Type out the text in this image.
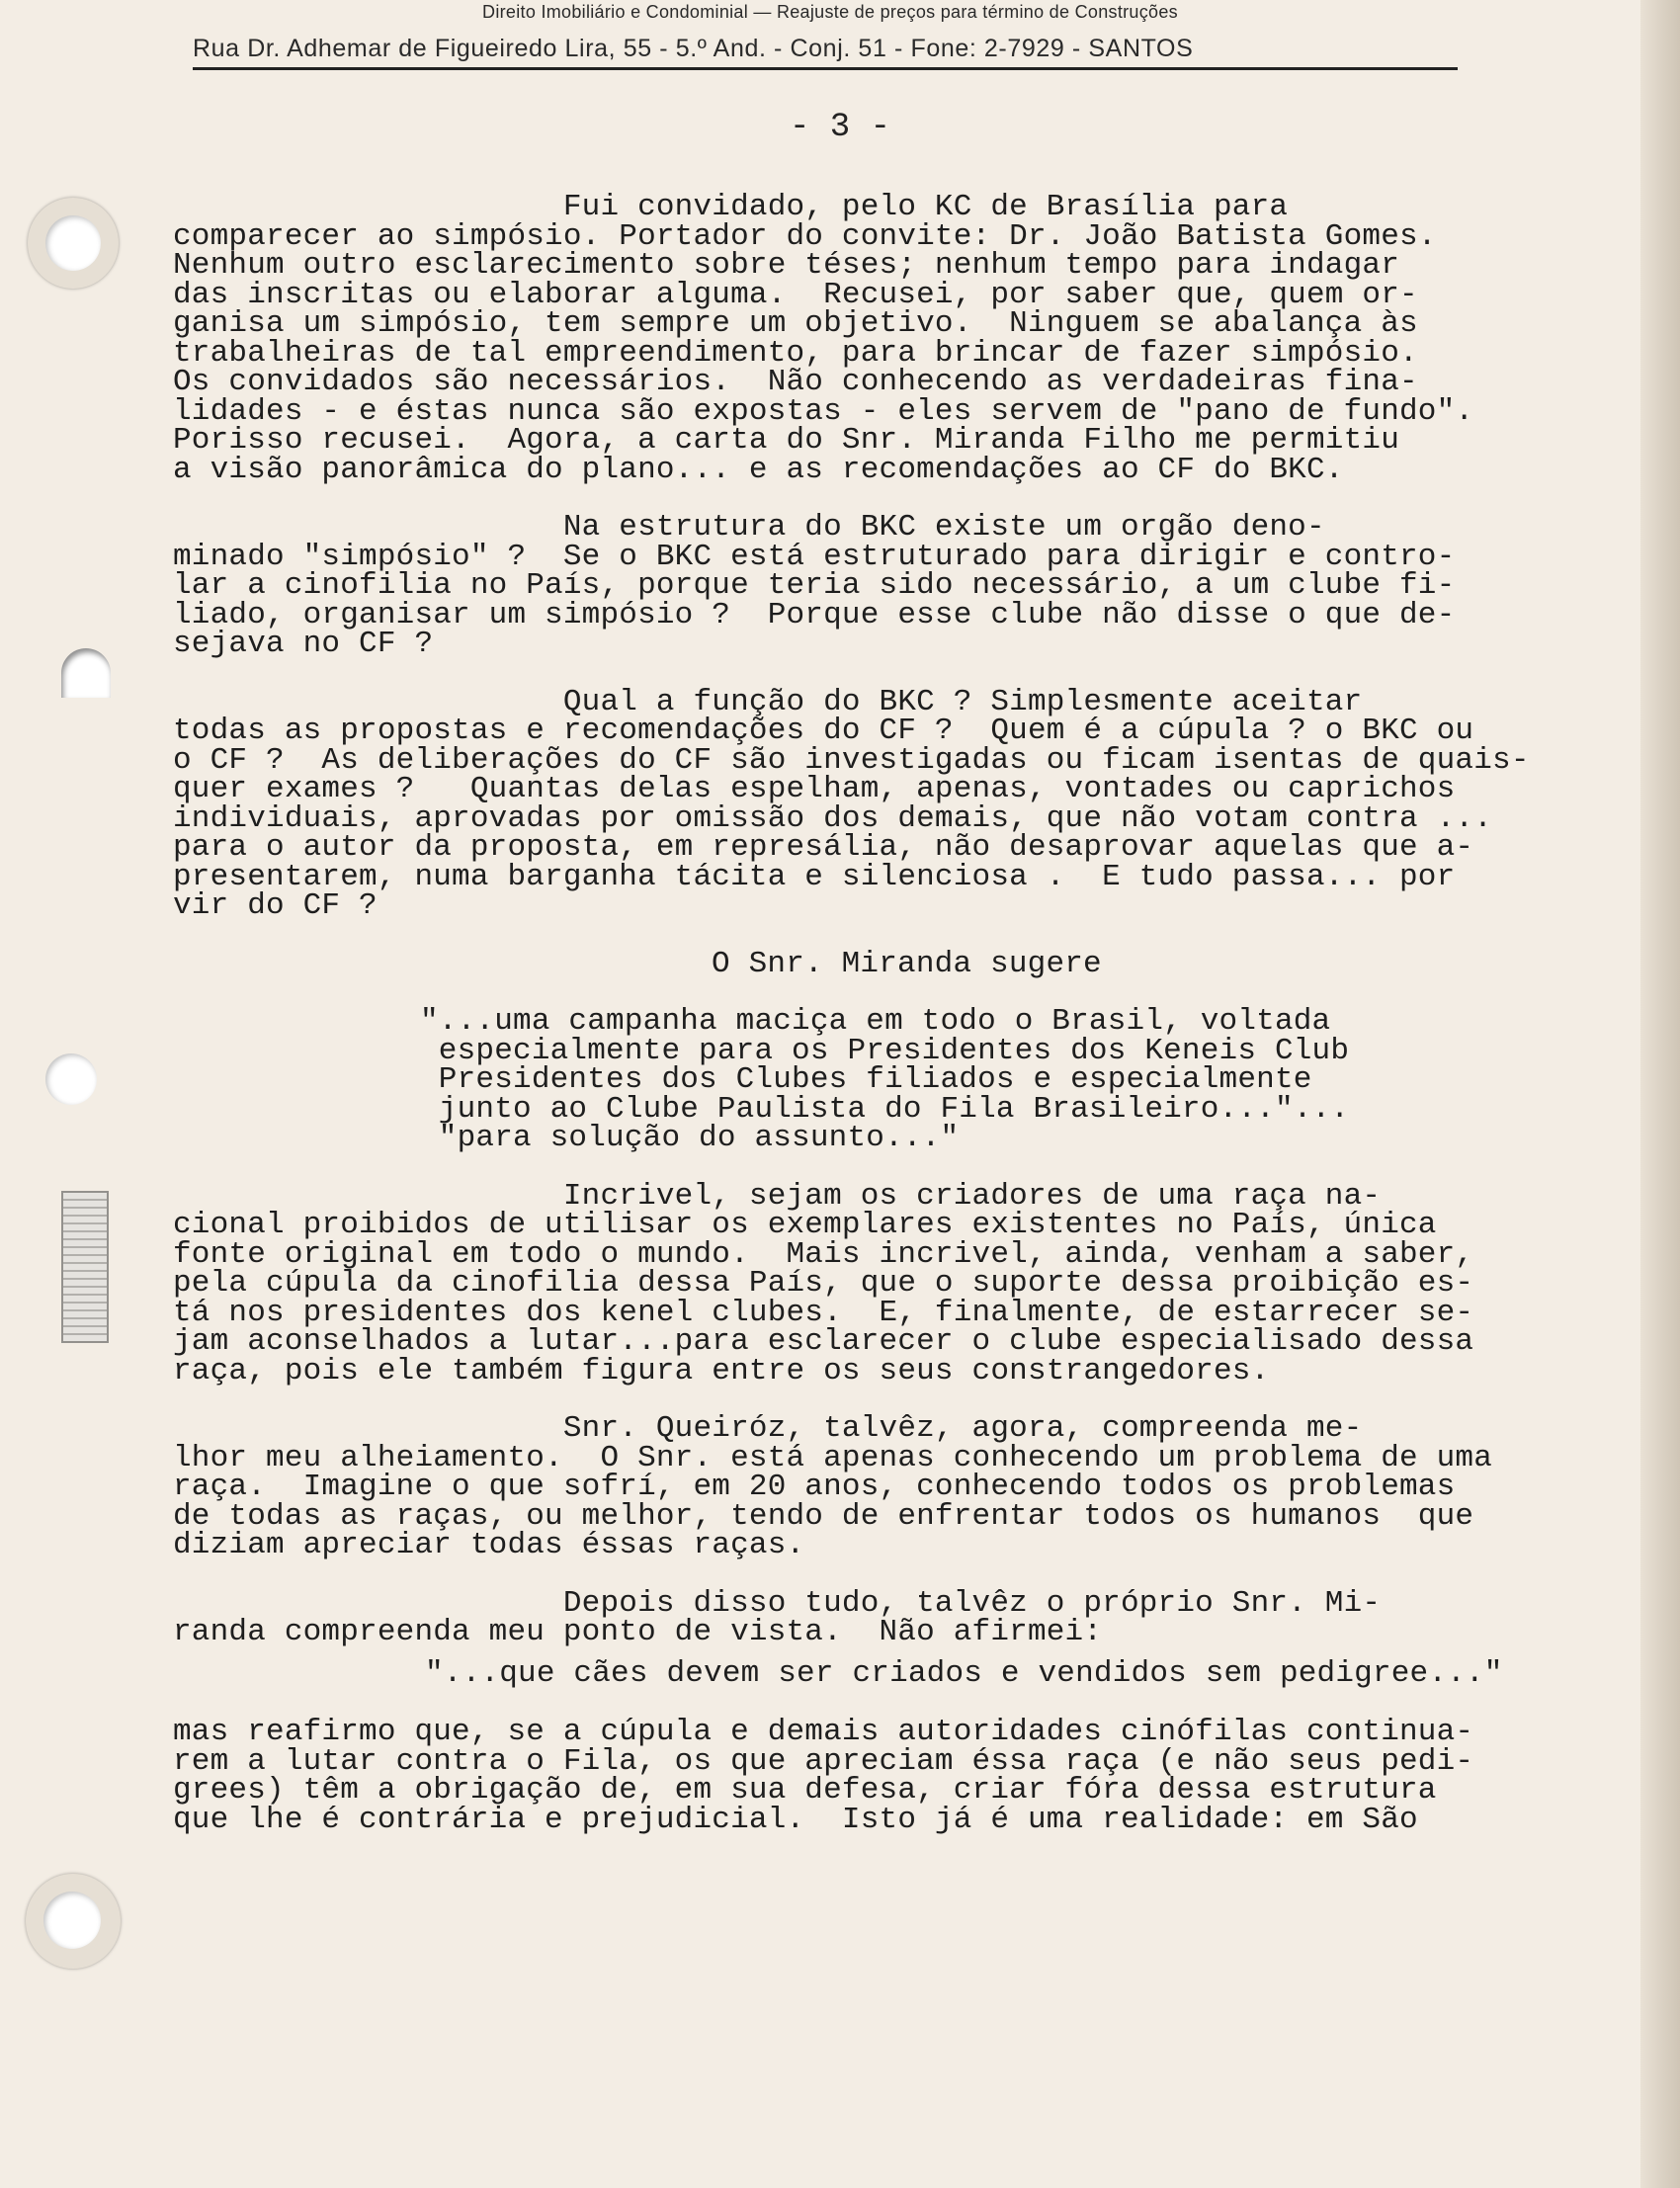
Direito Imobiliário e Condominial — Reajuste de preços para término de Construções
Rua Dr. Adhemar de Figueiredo Lira, 55 - 5.º And. - Conj. 51 - Fone: 2-7929 - SANTOS
- 3 -
Fui convidado, pelo KC de Brasília para
comparecer ao simpósio. Portador do convite: Dr. João Batista Gomes.
Nenhum outro esclarecimento sobre téses; nenhum tempo para indagar
das inscritas ou elaborar alguma.  Recusei, por saber que, quem or-
ganisa um simpósio, tem sempre um objetivo.  Ninguem se abalança às
trabalheiras de tal empreendimento, para brincar de fazer simpósio.
Os convidados são necessários.  Não conhecendo as verdadeiras fina-
lidades - e éstas nunca são expostas - eles servem de "pano de fundo".
Porisso recusei.  Agora, a carta do Snr. Miranda Filho me permitiu
a visão panorâmica do plano... e as recomendações ao CF do BKC.
Na estrutura do BKC existe um orgão deno-
minado "simpósio" ?  Se o BKC está estruturado para dirigir e contro-
lar a cinofilia no País, porque teria sido necessário, a um clube fi-
liado, organisar um simpósio ?  Porque esse clube não disse o que de-
sejava no CF ?
Qual a função do BKC ? Simplesmente aceitar
todas as propostas e recomendações do CF ?  Quem é a cúpula ? o BKC ou
o CF ?  As deliberações do CF são investigadas ou ficam isentas de quais-
quer exames ?   Quantas delas espelham, apenas, vontades ou caprichos
individuais, aprovadas por omissão dos demais, que não votam contra ...
para o autor da proposta, em represália, não desaprovar aquelas que a-
presentarem, numa barganha tácita e silenciosa .  E tudo passa... por
vir do CF ?
O Snr. Miranda sugere
"...uma campanha maciça em todo o Brasil, voltada
especialmente para os Presidentes dos Keneis Club
Presidentes dos Clubes filiados e especialmente
junto ao Clube Paulista do Fila Brasileiro..."...
"para solução do assunto..."
Incrivel, sejam os criadores de uma raça na-
cional proibidos de utilisar os exemplares existentes no País, única
fonte original em todo o mundo.  Mais incrivel, ainda, venham a saber,
pela cúpula da cinofilia dessa País, que o suporte dessa proibição es-
tá nos presidentes dos kenel clubes.  E, finalmente, de estarrecer se-
jam aconselhados a lutar...para esclarecer o clube especialisado dessa
raça, pois ele também figura entre os seus constrangedores.
Snr. Queiróz, talvêz, agora, compreenda me-
lhor meu alheiamento.  O Snr. está apenas conhecendo um problema de uma
raça.  Imagine o que sofrí, em 20 anos, conhecendo todos os problemas
de todas as raças, ou melhor, tendo de enfrentar todos os humanos  que
diziam apreciar todas éssas raças.
Depois disso tudo, talvêz o próprio Snr. Mi-
randa compreenda meu ponto de vista.  Não afirmei:
"...que cães devem ser criados e vendidos sem pedigree..."
mas reafirmo que, se a cúpula e demais autoridades cinófilas continua-
rem a lutar contra o Fila, os que apreciam éssa raça (e não seus pedi-
grees) têm a obrigação de, em sua defesa, criar fóra dessa estrutura
que lhe é contrária e prejudicial.  Isto já é uma realidade: em São
